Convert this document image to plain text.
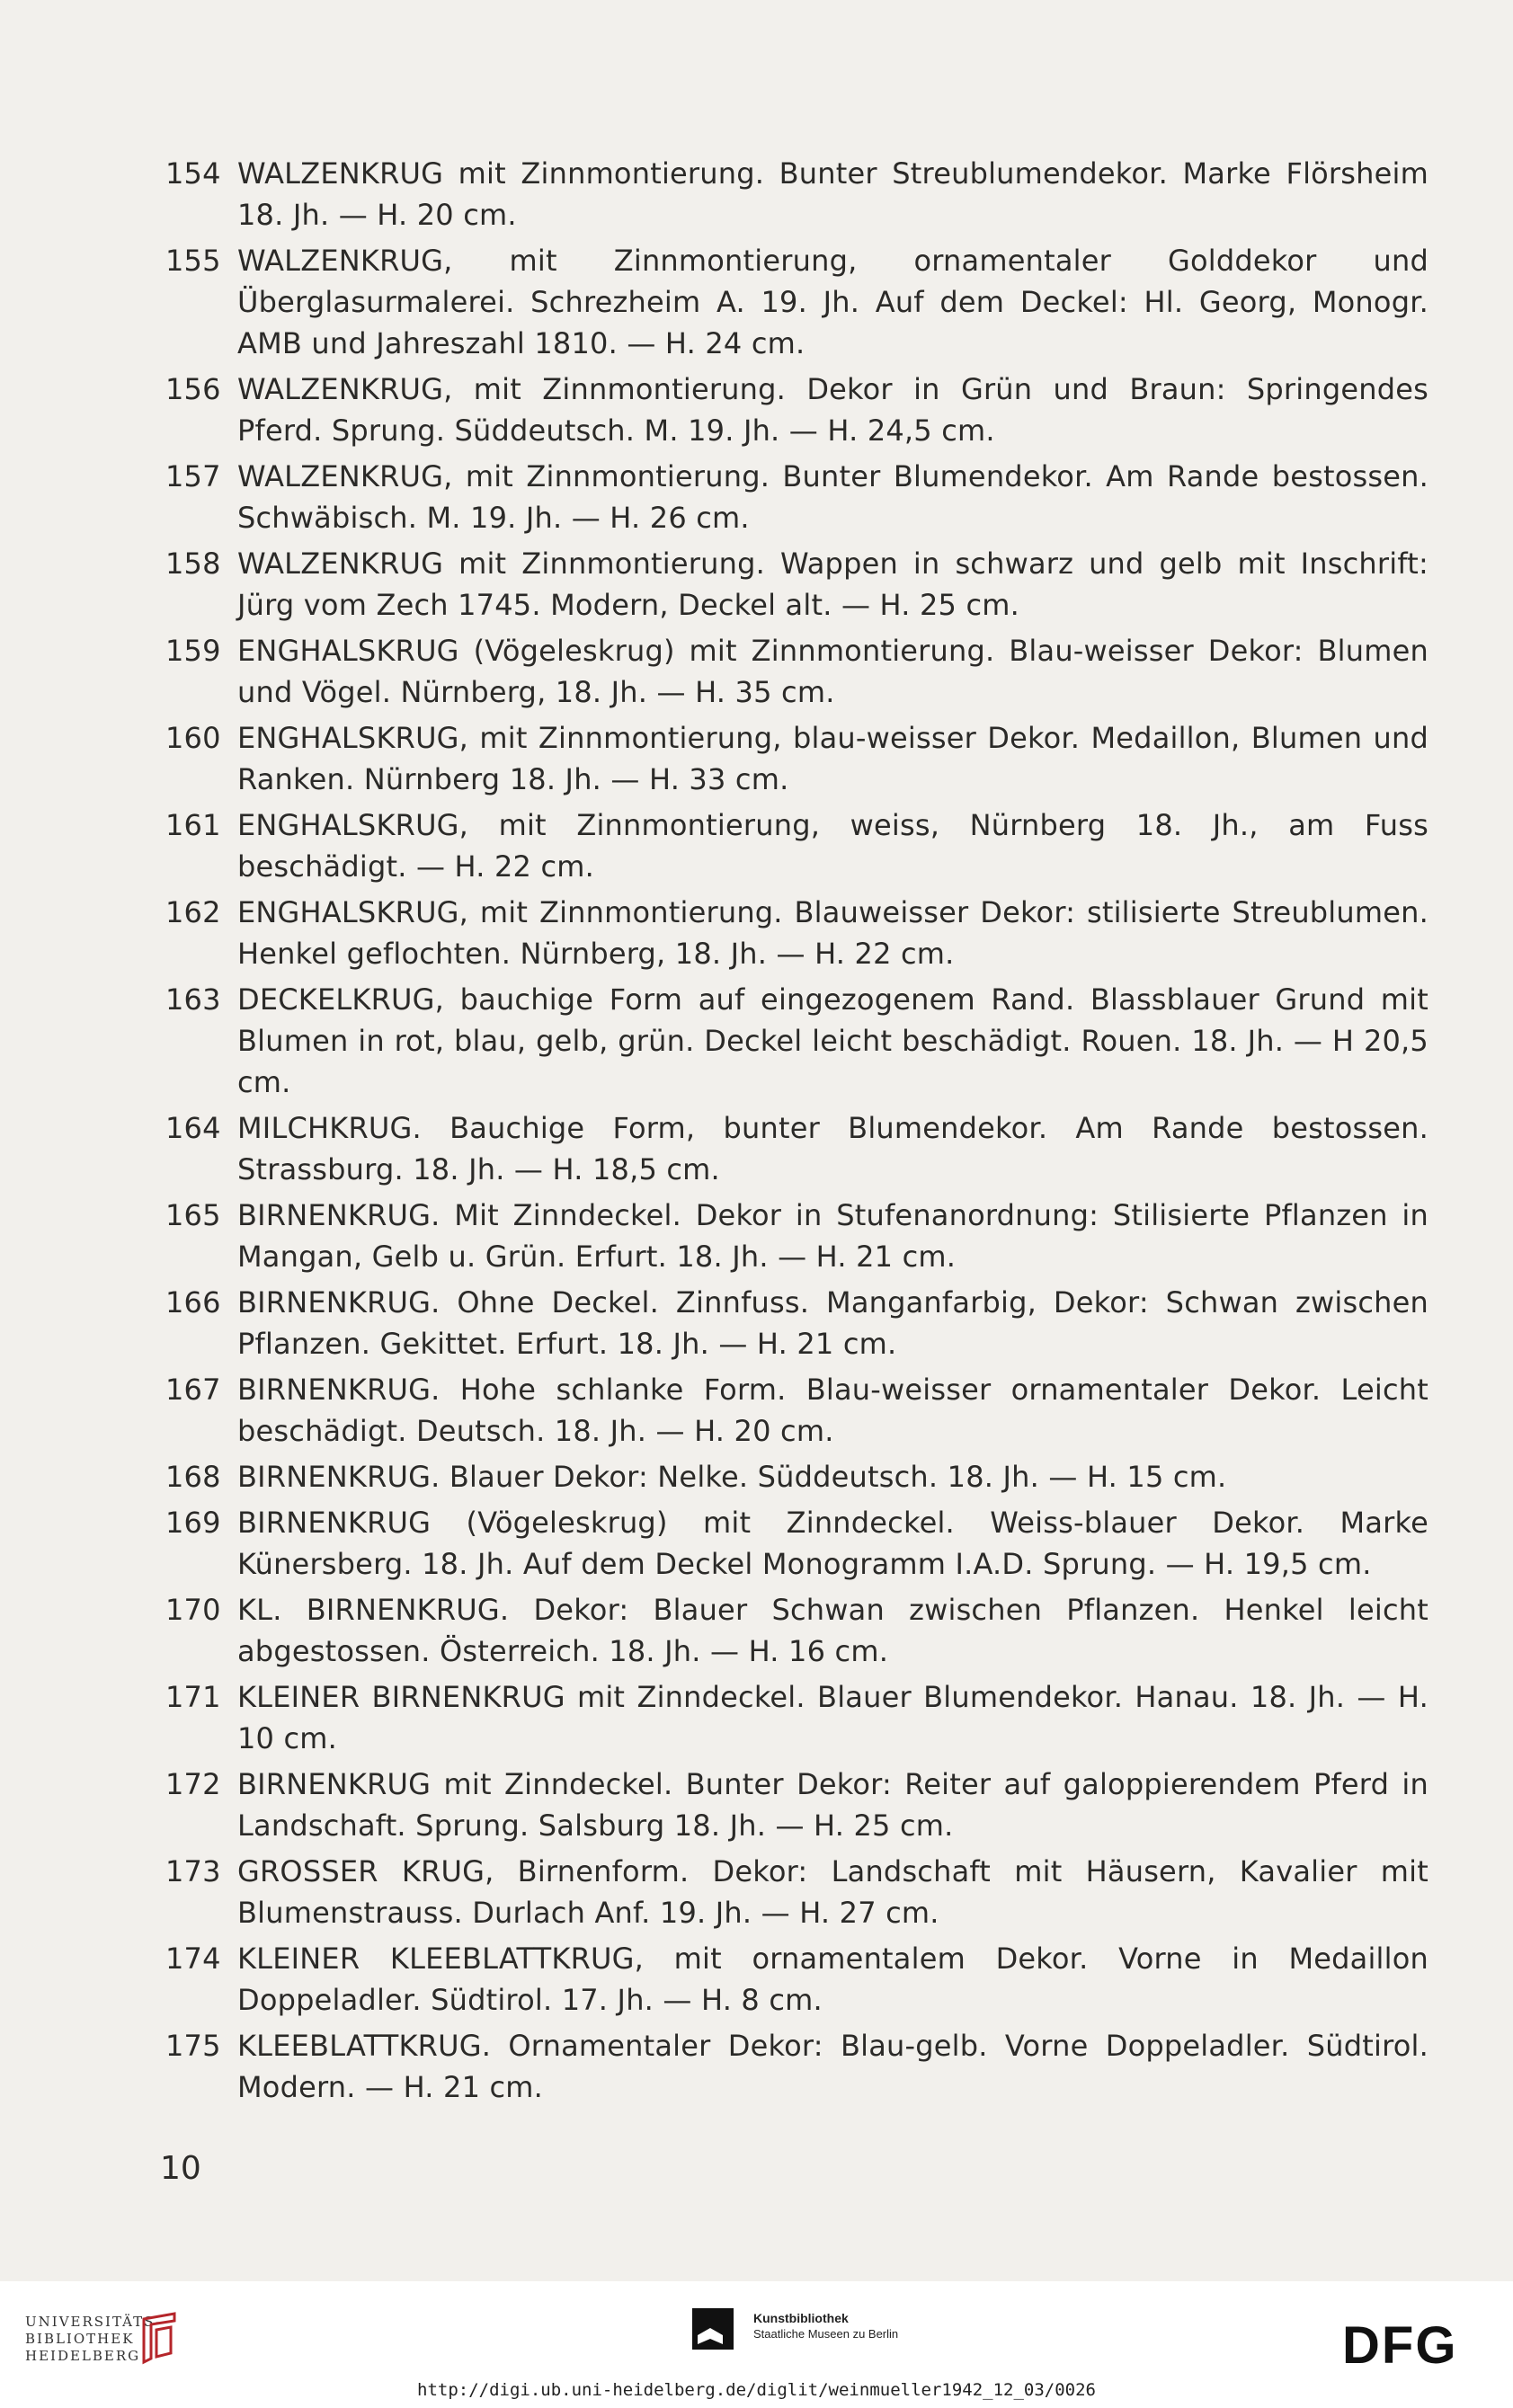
154 WALZENKRUG mit Zinnmontierung. Bunter Streublumendekor. Marke Flörsheim 18. Jh. — H. 20 cm.
155 WALZENKRUG, mit Zinnmontierung, ornamentaler Golddekor und Überglasurmalerei. Schrezheim A. 19. Jh. Auf dem Deckel: Hl. Georg, Monogr. AMB und Jahreszahl 1810. — H. 24 cm.
156 WALZENKRUG, mit Zinnmontierung. Dekor in Grün und Braun: Springendes Pferd. Sprung. Süddeutsch. M. 19. Jh. — H. 24,5 cm.
157 WALZENKRUG, mit Zinnmontierung. Bunter Blumendekor. Am Rande bestossen. Schwäbisch. M. 19. Jh. — H. 26 cm.
158 WALZENKRUG mit Zinnmontierung. Wappen in schwarz und gelb mit Inschrift: Jürg vom Zech 1745. Modern, Deckel alt. — H. 25 cm.
159 ENGHALSKRUG (Vögeleskrug) mit Zinnmontierung. Blau-weisser Dekor: Blumen und Vögel. Nürnberg, 18. Jh. — H. 35 cm.
160 ENGHALSKRUG, mit Zinnmontierung, blau-weisser Dekor. Medaillon, Blumen und Ranken. Nürnberg 18. Jh. — H. 33 cm.
161 ENGHALSKRUG, mit Zinnmontierung, weiss, Nürnberg 18. Jh., am Fuss beschädigt. — H. 22 cm.
162 ENGHALSKRUG, mit Zinnmontierung. Blauweisser Dekor: stilisierte Streublumen. Henkel geflochten. Nürnberg, 18. Jh. — H. 22 cm.
163 DECKELKRUG, bauchige Form auf eingezogenem Rand. Blassblauer Grund mit Blumen in rot, blau, gelb, grün. Deckel leicht beschädigt. Rouen. 18. Jh. — H 20,5 cm.
164 MILCHKRUG. Bauchige Form, bunter Blumendekor. Am Rande bestossen. Strassburg. 18. Jh. — H. 18,5 cm.
165 BIRNENKRUG. Mit Zinndeckel. Dekor in Stufenanordnung: Stilisierte Pflanzen in Mangan, Gelb u. Grün. Erfurt. 18. Jh. — H. 21 cm.
166 BIRNENKRUG. Ohne Deckel. Zinnfuss. Manganfarbig, Dekor: Schwan zwischen Pflanzen. Gekittet. Erfurt. 18. Jh. — H. 21 cm.
167 BIRNENKRUG. Hohe schlanke Form. Blau-weisser ornamentaler Dekor. Leicht beschädigt. Deutsch. 18. Jh. — H. 20 cm.
168 BIRNENKRUG. Blauer Dekor: Nelke. Süddeutsch. 18. Jh. — H. 15 cm.
169 BIRNENKRUG (Vögeleskrug) mit Zinndeckel. Weiss-blauer Dekor. Marke Künersberg. 18. Jh. Auf dem Deckel Monogramm I.A.D. Sprung. — H. 19,5 cm.
170 KL. BIRNENKRUG. Dekor: Blauer Schwan zwischen Pflanzen. Henkel leicht abgestossen. Österreich. 18. Jh. — H. 16 cm.
171 KLEINER BIRNENKRUG mit Zinndeckel. Blauer Blumendekor. Hanau. 18. Jh. — H. 10 cm.
172 BIRNENKRUG mit Zinndeckel. Bunter Dekor: Reiter auf galoppierendem Pferd in Landschaft. Sprung. Salsburg 18. Jh. — H. 25 cm.
173 GROSSER KRUG, Birnenform. Dekor: Landschaft mit Häusern, Kavalier mit Blumenstrauss. Durlach Anf. 19. Jh. — H. 27 cm.
174 KLEINER KLEEBLATTKRUG, mit ornamentalem Dekor. Vorne in Medaillon Doppeladler. Südtirol. 17. Jh. — H. 8 cm.
175 KLEEBLATTKRUG. Ornamentaler Dekor: Blau-gelb. Vorne Doppeladler. Südtirol. Modern. — H. 21 cm.
10
UNIVERSITÄTS-
BIBLIOTHEK
HEIDELBERG
Kunstbibliothek
Staatliche Museen zu Berlin	DFG
http://digi.ub.uni-heidelberg.de/diglit/weinmueller1942_12_03/0026
